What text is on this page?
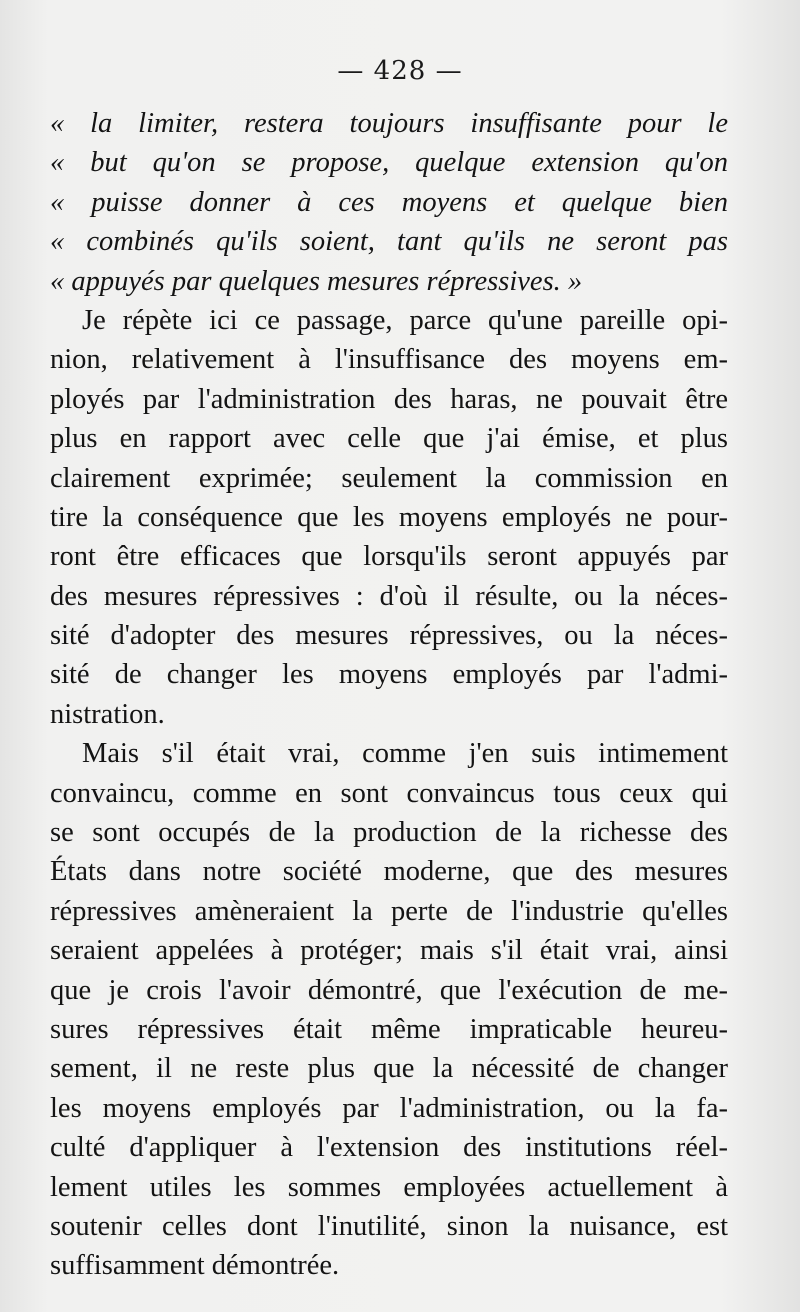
— 428 —
« la limiter, restera toujours insuffisante pour le
« but qu'on se propose, quelque extension qu'on
« puisse donner à ces moyens et quelque bien
« combinés qu'ils soient, tant qu'ils ne seront pas
« appuyés par quelques mesures répressives. »
Je répète ici ce passage, parce qu'une pareille opi-
nion, relativement à l'insuffisance des moyens em-
ployés par l'administration des haras, ne pouvait être
plus en rapport avec celle que j'ai émise, et plus
clairement exprimée; seulement la commission en
tire la conséquence que les moyens employés ne pour-
ront être efficaces que lorsqu'ils seront appuyés par
des mesures répressives : d'où il résulte, ou la néces-
sité d'adopter des mesures répressives, ou la néces-
sité de changer les moyens employés par l'admi-
nistration.
Mais s'il était vrai, comme j'en suis intimement
convaincu, comme en sont convaincus tous ceux qui
se sont occupés de la production de la richesse des
États dans notre société moderne, que des mesures
répressives amèneraient la perte de l'industrie qu'elles
seraient appelées à protéger; mais s'il était vrai, ainsi
que je crois l'avoir démontré, que l'exécution de me-
sures répressives était même impraticable heureu-
sement, il ne reste plus que la nécessité de changer
les moyens employés par l'administration, ou la fa-
culté d'appliquer à l'extension des institutions réel-
lement utiles les sommes employées actuellement à
soutenir celles dont l'inutilité, sinon la nuisance, est
suffisamment démontrée.
